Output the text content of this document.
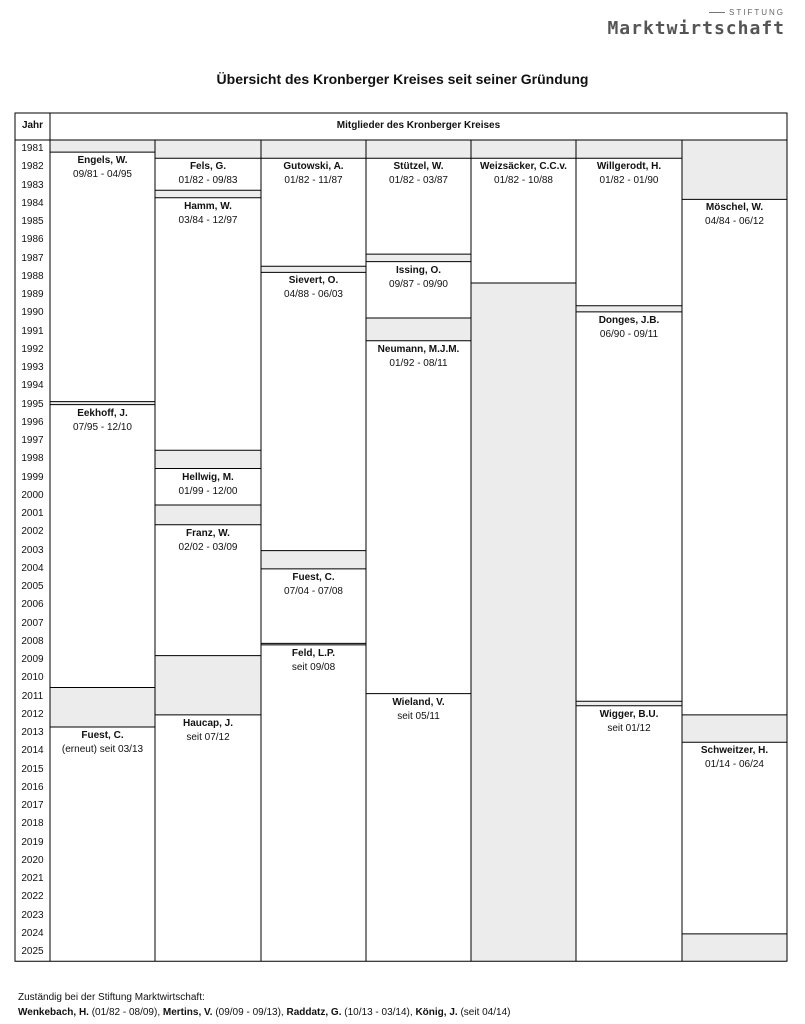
STIFTUNG
Marktwirtschaft
Übersicht des Kronberger Kreises seit seiner Gründung
Engels, W.
09/81 - 04/95
Eekhoff, J.
07/95 - 12/10
Fuest, C.
(erneut) seit 03/13
Fels, G.
01/82 - 09/83
Hamm, W.
03/84 - 12/97
Hellwig, M.
01/99 - 12/00
Franz, W.
02/02 - 03/09
Haucap, J.
seit 07/12
Gutowski, A.
01/82 - 11/87
Sievert, O.
04/88 - 06/03
Fuest, C.
07/04 - 07/08
Feld, L.P.
seit 09/08
Stützel, W.
01/82 - 03/87
Issing, O.
09/87 - 09/90
Neumann, M.J.M.
01/92 - 08/11
Wieland, V.
seit 05/11
Weizsäcker, C.C.v.
01/82 - 10/88
Willgerodt, H.
01/82 - 01/90
Donges, J.B.
06/90 - 09/11
Wigger, B.U.
seit 01/12
Möschel, W.
04/84 - 06/12
Schweitzer, H.
01/14 - 06/24
Jahr	Mitglieder des Kronberger Kreises
1981
1982
1983
1984
1985
1986
1987
1988
1989
1990
1991
1992
1993
1994
1995
1996
1997
1998
1999
2000
2001
2002
2003
2004
2005
2006
2007
2008
2009
2010
2011
2012
2013
2014
2015
2016
2017
2018
2019
2020
2021
2022
2023
2024
2025
Zuständig bei der Stiftung Marktwirtschaft:
Wenkebach, H. (01/82 - 08/09), Mertins, V. (09/09 - 09/13), Raddatz, G. (10/13 - 03/14), König, J. (seit 04/14)
